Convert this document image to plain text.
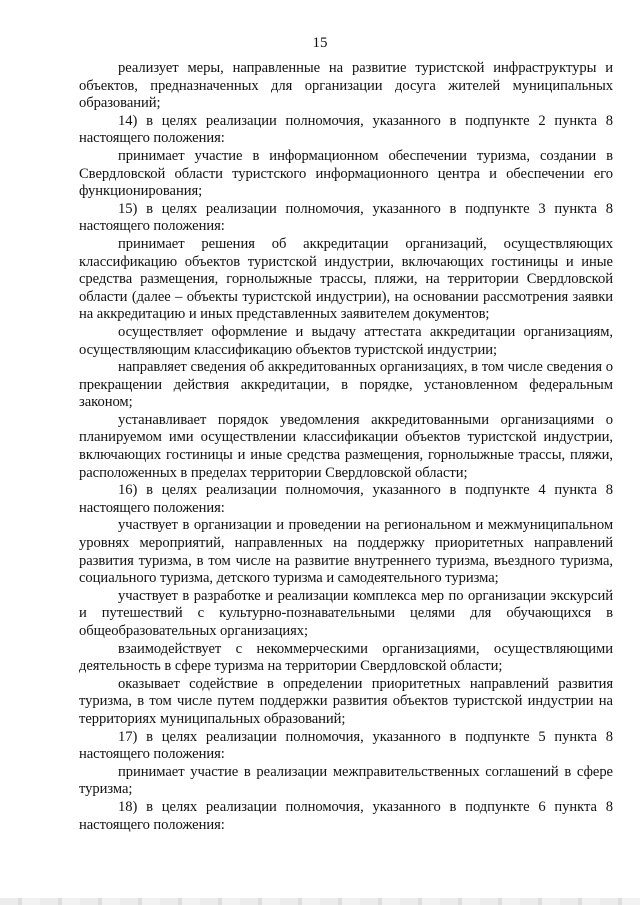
15

реализует меры, направленные на развитие туристской инфраструктуры и объектов, предназначенных для организации досуга жителей муниципальных образований;

14) в целях реализации полномочия, указанного в подпункте 2 пункта 8 настоящего положения:

принимает участие в информационном обеспечении туризма, создании в Свердловской области туристского информационного центра и обеспечении его функционирования;

15) в целях реализации полномочия, указанного в подпункте 3 пункта 8 настоящего положения:

принимает решения об аккредитации организаций, осуществляющих классификацию объектов туристской индустрии, включающих гостиницы и иные средства размещения, горнолыжные трассы, пляжи, на территории Свердловской области (далее – объекты туристской индустрии), на основании рассмотрения заявки на аккредитацию и иных представленных заявителем документов;

осуществляет оформление и выдачу аттестата аккредитации организациям, осуществляющим классификацию объектов туристской индустрии;

направляет сведения об аккредитованных организациях, в том числе сведения о прекращении действия аккредитации, в порядке, установленном федеральным законом;

устанавливает порядок уведомления аккредитованными организациями о планируемом ими осуществлении классификации объектов туристской индустрии, включающих гостиницы и иные средства размещения, горнолыжные трассы, пляжи, расположенных в пределах территории Свердловской области;

16) в целях реализации полномочия, указанного в подпункте 4 пункта 8 настоящего положения:

участвует в организации и проведении на региональном и межмуниципальном уровнях мероприятий, направленных на поддержку приоритетных направлений развития туризма, в том числе на развитие внутреннего туризма, въездного туризма, социального туризма, детского туризма и самодеятельного туризма;

участвует в разработке и реализации комплекса мер по организации экскурсий и путешествий с культурно-познавательными целями для обучающихся в общеобразовательных организациях;

взаимодействует с некоммерческими организациями, осуществляющими деятельность в сфере туризма на территории Свердловской области;

оказывает содействие в определении приоритетных направлений развития туризма, в том числе путем поддержки развития объектов туристской индустрии на территориях муниципальных образований;

17) в целях реализации полномочия, указанного в подпункте 5 пункта 8 настоящего положения:

принимает участие в реализации межправительственных соглашений в сфере туризма;

18) в целях реализации полномочия, указанного в подпункте 6 пункта 8 настоящего положения:
